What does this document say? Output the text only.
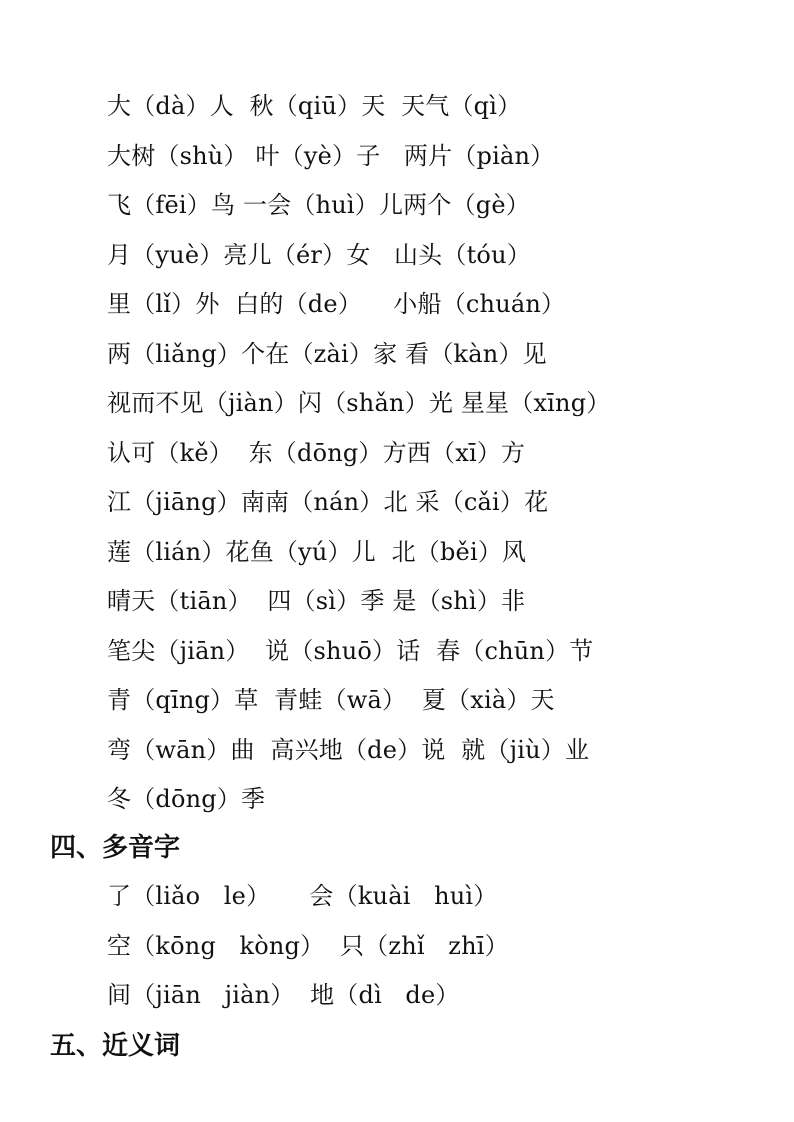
大（dà）人  秋（qiū）天  天气（qì）
大树（shù） 叶（yè）子   两片（piàn）
飞（fēi）鸟 一会（huì）儿两个（gè）
月（yuè）亮儿（ér）女   山头（tóu）
里（lǐ）外  白的（de）    小船（chuán）
两（liǎng）个在（zài）家 看（kàn）见
视而不见（jiàn）闪（shǎn）光 星星（xīng）
认可（kě）  东（dōng）方西（xī）方
江（jiāng）南南（nán）北 采（cǎi）花
莲（lián）花鱼（yú）儿  北（běi）风
晴天（tiān）  四（sì）季 是（shì）非
笔尖（jiān）  说（shuō）话  春（chūn）节
青（qīng）草  青蛙（wā）  夏（xià）天
弯（wān）曲  高兴地（de）说  就（jiù）业
冬（dōng）季
四、多音字
了（liǎo   le）     会（kuài   huì）
空（kōng   kòng）  只（zhǐ   zhī）
间（jiān   jiàn）  地（dì   de）
五、近义词
